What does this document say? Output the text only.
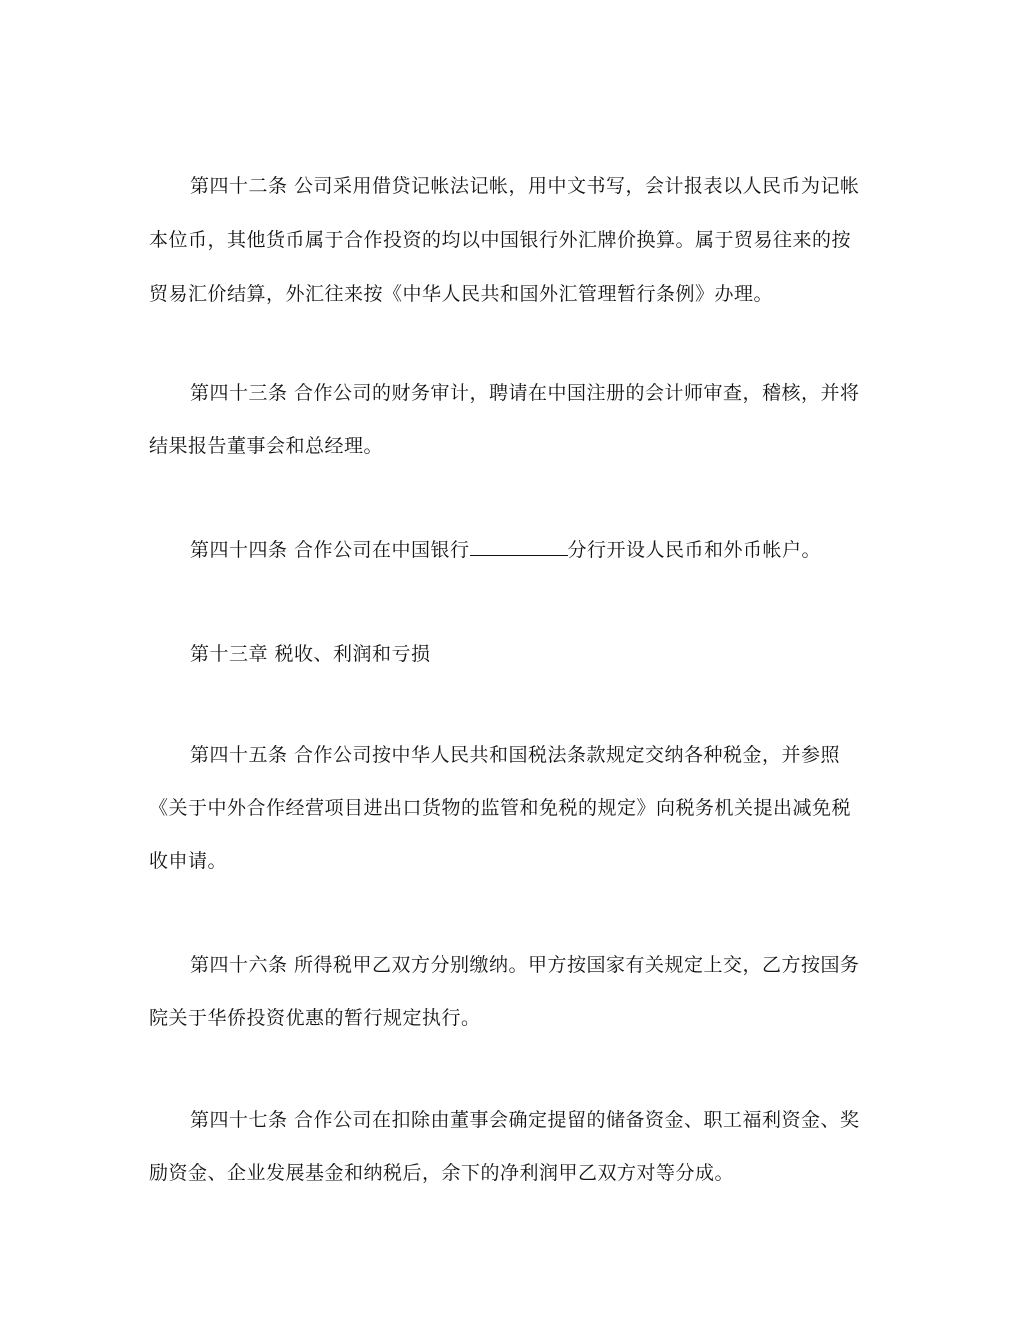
第四十二条 公司采用借贷记帐法记帐，用中文书写，会计报表以人民币为记帐
本位币，其他货币属于合作投资的均以中国银行外汇牌价换算。属于贸易往来的按
贸易汇价结算，外汇往来按《中华人民共和国外汇管理暂行条例》办理。
第四十三条 合作公司的财务审计，聘请在中国注册的会计师审查，稽核，并将
结果报告董事会和总经理。
第四十四条 合作公司在中国银行	分行开设人民币和外币帐户。
第十三章 税收、利润和亏损
第四十五条 合作公司按中华人民共和国税法条款规定交纳各种税金，并参照
《关于中外合作经营项目进出口货物的监管和免税的规定》向税务机关提出减免税
收申请。
第四十六条 所得税甲乙双方分别缴纳。甲方按国家有关规定上交，乙方按国务
院关于华侨投资优惠的暂行规定执行。
第四十七条 合作公司在扣除由董事会确定提留的储备资金、职工福利资金、奖
励资金、企业发展基金和纳税后，余下的净利润甲乙双方对等分成。
